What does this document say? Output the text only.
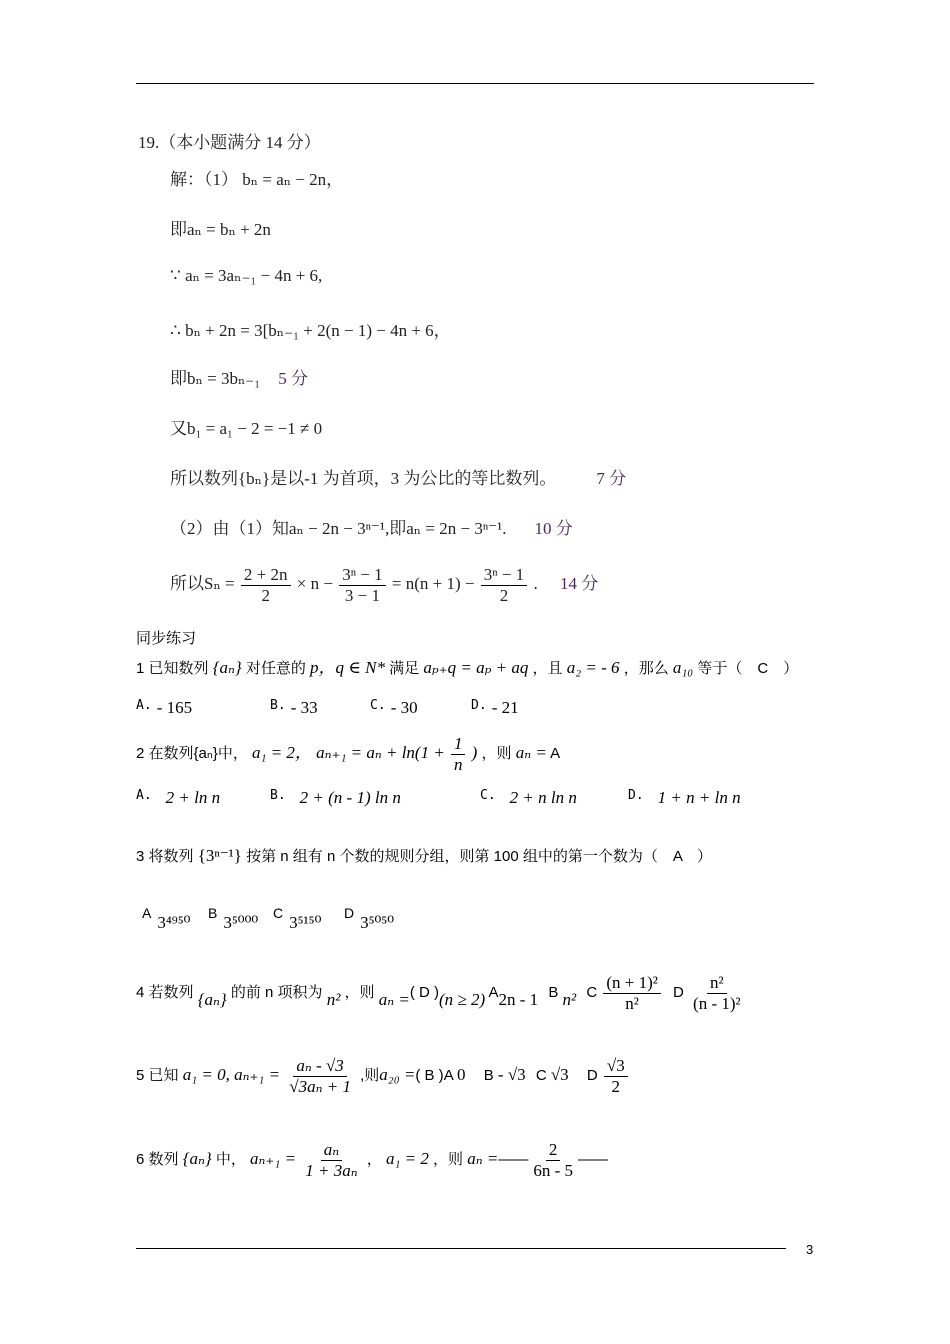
19.（本小题满分 14 分）
解：（1） bₙ = aₙ − 2n，
即aₙ = bₙ + 2n
∵ aₙ = 3aₙ₋₁ − 4n + 6,
∴ bₙ + 2n = 3[bₙ₋₁ + 2(n − 1) − 4n + 6，
即bₙ = 3bₙ₋₁ 5 分
又b₁ = a₁ − 2 = −1 ≠ 0
所以数列{bₙ}是以-1 为首项，3 为公比的等比数列。 7 分
（2）由（1）知aₙ − 2n − 3ⁿ⁻¹,即aₙ = 2n − 3ⁿ⁻¹. 10 分
所以$S_n = \frac{2 + 2n}{2} \times n - \frac{\text{3ⁿ − 1}}{3 - 1} = n(n + 1) - \frac{\text{3ⁿ − 1}}{2}$ . 14 分
同步练习
1 已知数列 {aₙ} 对任意的 p，q ∈ N* 满足 aₚ₊q = aₚ + aq ，且 a₂ = - 6 ，那么 a₁₀ 等于（　C　）
$^{A.}$ - 165	$^{B.}$ - 33	$^{C.}$ - 30	$^{D.}$ - 21
2 在数列{aₙ}中， a₁ = 2， $a_{n+1} = a_n + \ln(1 + \frac{1}{n}$ ) ，则 aₙ = A
$^{A.}$ 2 + ln n	$^{B.}$ 2 + (n - 1) ln n	$^{C.}$ 2 + n ln n	$^{D.}$ 1 + n + ln n
3 将数列 {3ⁿ⁻¹} 按第 n 组有 n 个数的规则分组，则第 100 组中的第一个数为（　A　）
A 3⁴⁹⁵⁰ B 3⁵⁰⁰⁰ C 3⁵¹⁵⁰ D 3⁵⁰⁵⁰
4 若数列 {aₙ} 的前 n 项积为 n² ，则 aₙ =( D )(n ≥ 2) A2n - 1 B n² C $\frac{\text{(n + 1)²}}{\text{n²}}$ D $\frac{\text{n²}}{\text{(n - 1)²}}$
5 已知 a₁ = 0, $a_{n+1} = \frac{\text{aₙ - √3}}{\text{√3aₙ + 1}}$ ,则a₂₀ =( B )A 0 B - √3 C √3 D $\frac{√3}{2}$
6 数列 {aₙ} 中， $a_{n+1} = \frac{\text{aₙ}}{\text{1 + 3aₙ}}$ ， a₁ = 2 ，则 aₙ =—— $\frac{2}{6n - 5}$ ——
3
